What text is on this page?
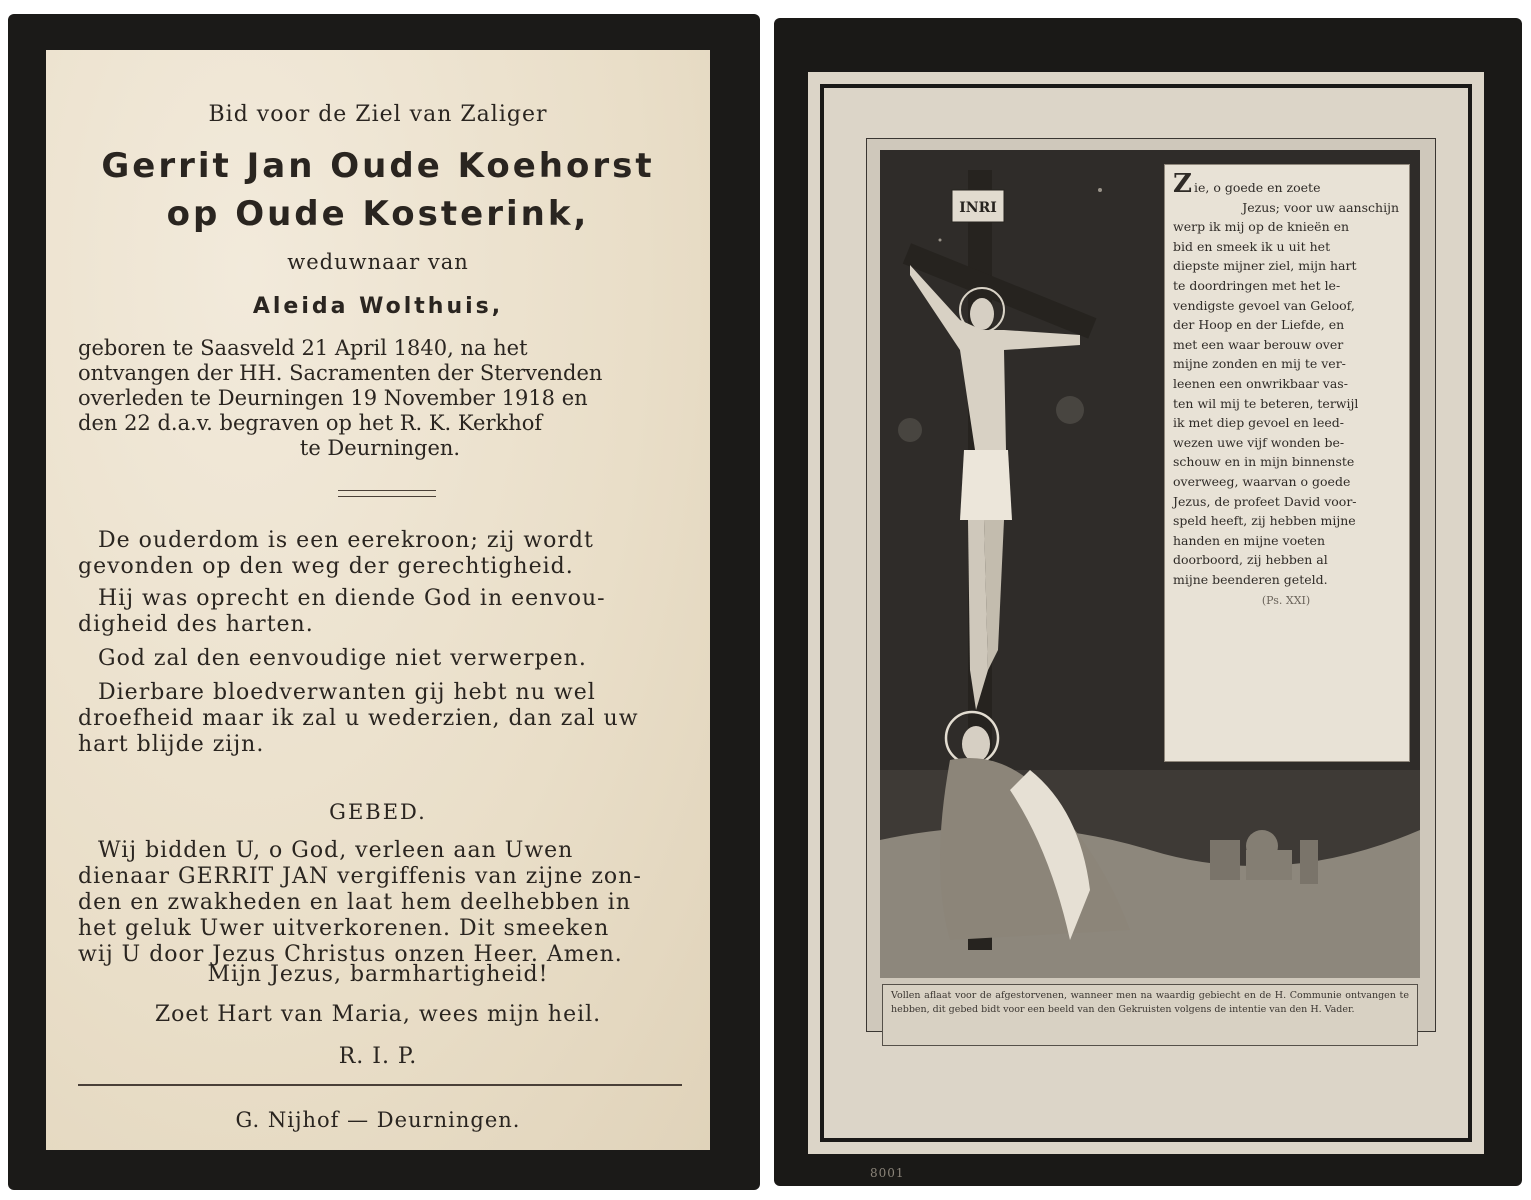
Bid voor de Ziel van Zaliger
Gerrit Jan Oude Koehorst
op Oude Kosterink,
weduwnaar van
Aleida Wolthuis,
geboren te Saasveld 21 April 1840, na het
ontvangen der HH. Sacramenten der Stervenden
overleden te Deurningen 19 November 1918 en
den 22 d.a.v. begraven op het R. K. Kerkhof
te Deurningen.
De ouderdom is een eerekroon; zij wordt
gevonden op den weg der gerechtigheid.
Hij was oprecht en diende God in eenvou-
digheid des harten.
God zal den eenvoudige niet verwerpen.
Dierbare bloedverwanten gij hebt nu wel
droefheid maar ik zal u wederzien, dan zal uw
hart blijde zijn.
GEBED.
Wij bidden U, o God, verleen aan Uwen
dienaar GERRIT JAN vergiffenis van zijne zon-
den en zwakheden en laat hem deelhebben in
het geluk Uwer uitverkorenen. Dit smeeken
wij U door Jezus Christus onzen Heer. Amen.
Mijn Jezus, barmhartigheid!
Zoet Hart van Maria, wees mijn heil.
R. I. P.
G. Nijhof — Deurningen.
INRI
Zie, o goede en zoete
Jezus; voor uw aanschijn
werp ik mij op de knieën en
bid en smeek ik u uit het
diepste mijner ziel, mijn hart
te doordringen met het le-
vendigste gevoel van Geloof,
der Hoop en der Liefde, en
met een waar berouw over
mijne zonden en mij te ver-
leenen een onwrikbaar vas-
ten wil mij te beteren, terwijl
ik met diep gevoel en leed-
wezen uwe vijf wonden be-
schouw en in mijn binnenste
overweeg, waarvan o goede
Jezus, de profeet David voor-
speld heeft, zij hebben mijne
handen en mijne voeten
doorboord, zij hebben al
mijne beenderen geteld.
(Ps. XXI)
Vollen aflaat voor de afgestorvenen, wanneer men na waardig gebiecht en de H. Communie ontvangen te hebben, dit gebed bidt voor een beeld van den Gekruisten volgens de intentie van den H. Vader.
8001
